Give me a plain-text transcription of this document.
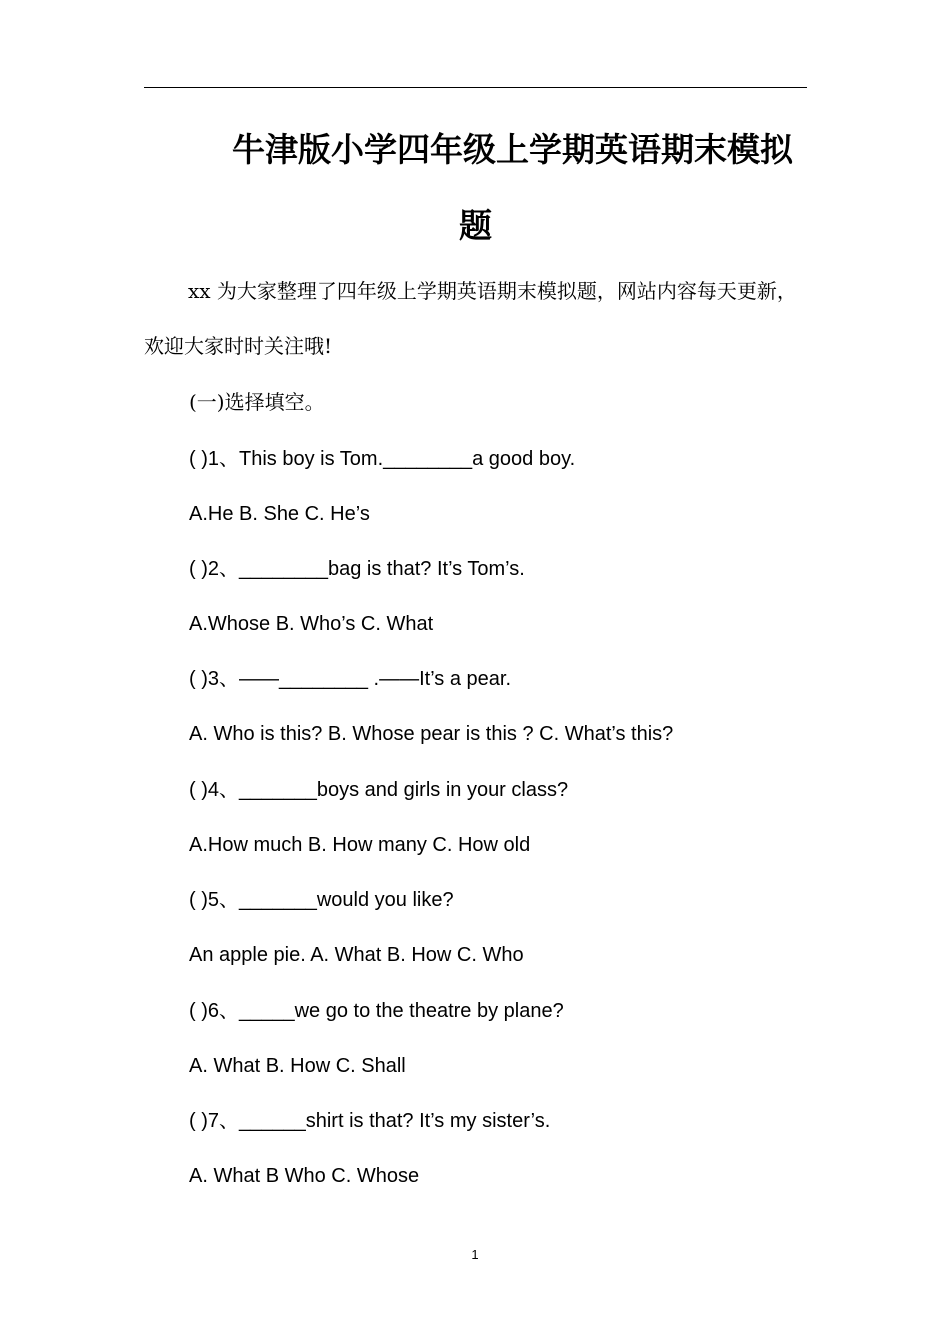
牛津版小学四年级上学期英语期末模拟
题
xx 为大家整理了四年级上学期英语期末模拟题，网站内容每天更新，欢迎大家时时关注哦!
(一)选择填空。
( )1、This boy is Tom.________a good boy.
A.He B. She C. He’s
( )2、________bag is that? It’s Tom’s.
A.Whose B. Who’s C. What
( )3、——________ .——It’s a pear.
A. Who is this? B. Whose pear is this ? C. What’s this?
( )4、_______boys and girls in your class?
A.How much B. How many C. How old
( )5、_______would you like?
An apple pie. A. What B. How C. Who
( )6、_____we go to the theatre by plane?
A. What B. How C. Shall
( )7、______shirt is that? It’s my sister’s.
A. What B Who C. Whose
1
